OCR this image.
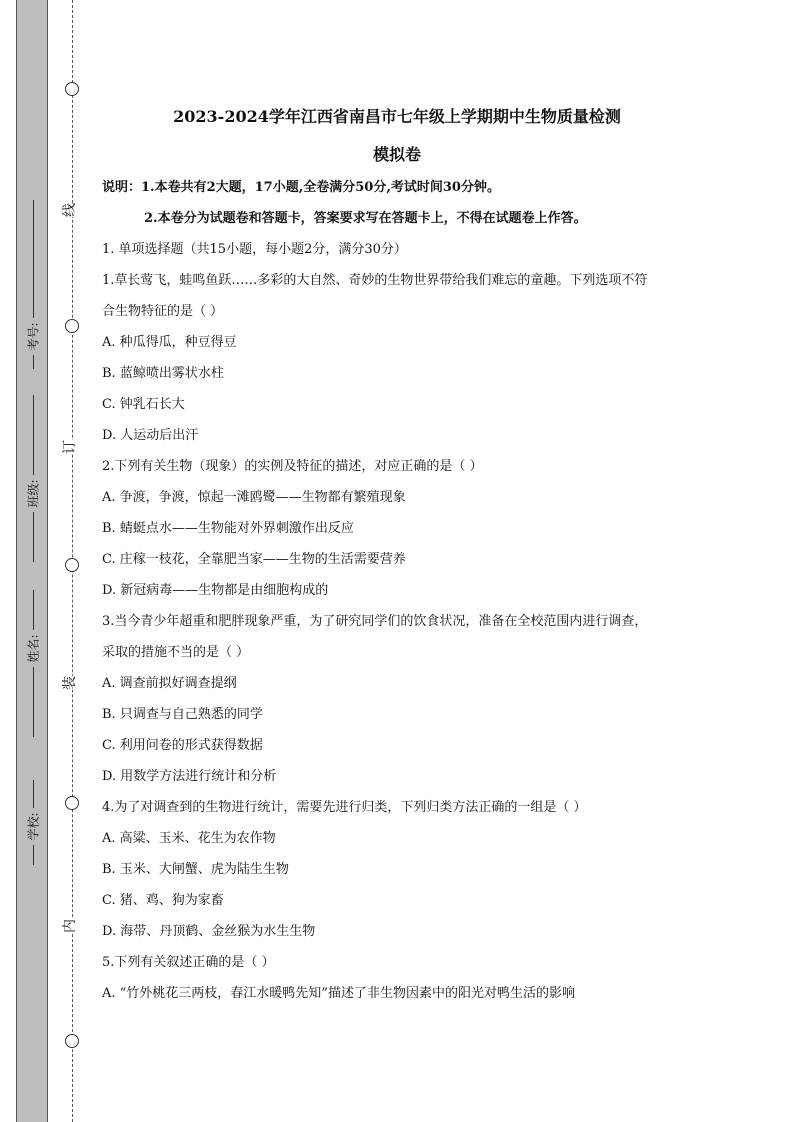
线
订
装
内
考号:
班级:
姓名:
学校:

2023-2024学年江西省南昌市七年级上学期期中生物质量检测

模拟卷

说明：1.本卷共有2大题，17小题,全卷满分50分,考试时间30分钟。

2.本卷分为试题卷和答题卡，答案要求写在答题卡上，不得在试题卷上作答。

1. 单项选择题（共15小题，每小题2分，满分30分）

1.草长莺飞，蛙鸣鱼跃……多彩的大自然、奇妙的生物世界带给我们难忘的童趣。下列选项不符

合生物特征的是（ ）

A. 种瓜得瓜，种豆得豆

B. 蓝鲸喷出雾状水柱

C. 钟乳石长大

D. 人运动后出汗

2.下列有关生物（现象）的实例及特征的描述，对应正确的是（ ）

A. 争渡，争渡，惊起一滩鸥鹭——生物都有繁殖现象

B. 蜻蜓点水——生物能对外界刺激作出反应

C. 庄稼一枝花，全靠肥当家——生物的生活需要营养

D. 新冠病毒——生物都是由细胞构成的

3.当今青少年超重和肥胖现象严重，为了研究同学们的饮食状况，准备在全校范围内进行调查，

采取的措施不当的是（ ）

A. 调查前拟好调查提纲

B. 只调查与自己熟悉的同学

C. 利用问卷的形式获得数据

D. 用数学方法进行统计和分析

4.为了对调查到的生物进行统计，需要先进行归类，下列归类方法正确的一组是（ ）

A. 高粱、玉米、花生为农作物

B. 玉米、大闸蟹、虎为陆生生物

C. 猪、鸡、狗为家畜

D. 海带、丹顶鹤、金丝猴为水生生物

5.下列有关叙述正确的是（ ）

A. “竹外桃花三两枝，春江水暖鸭先知”描述了非生物因素中的阳光对鸭生活的影响
